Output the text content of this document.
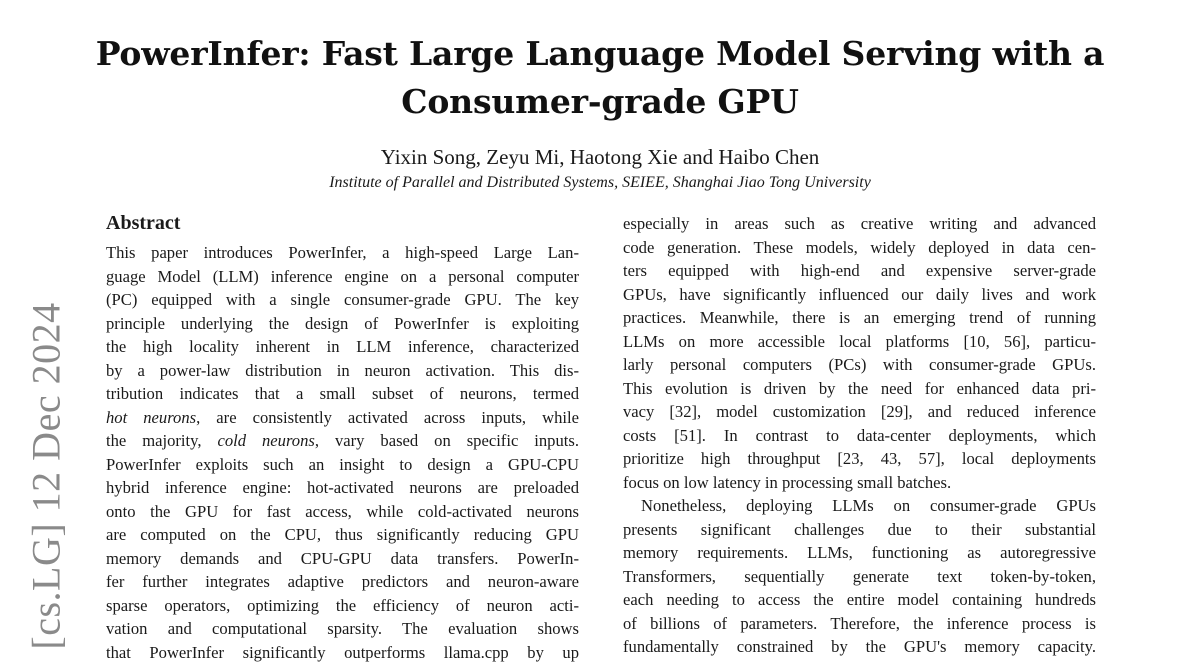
PowerInfer: Fast Large Language Model Serving with a
Consumer-grade GPU
Yixin Song, Zeyu Mi, Haotong Xie and Haibo Chen
Institute of Parallel and Distributed Systems, SEIEE, Shanghai Jiao Tong University
[cs.LG] 12 Dec 2024
Abstract
This paper introduces PowerInfer, a high-speed Large Lan-
guage Model (LLM) inference engine on a personal computer
(PC) equipped with a single consumer-grade GPU. The key
principle underlying the design of PowerInfer is exploiting
the high locality inherent in LLM inference, characterized
by a power-law distribution in neuron activation. This dis-
tribution indicates that a small subset of neurons, termed
hot neurons, are consistently activated across inputs, while
the majority, cold neurons, vary based on specific inputs.
PowerInfer exploits such an insight to design a GPU-CPU
hybrid inference engine: hot-activated neurons are preloaded
onto the GPU for fast access, while cold-activated neurons
are computed on the CPU, thus significantly reducing GPU
memory demands and CPU-GPU data transfers. PowerIn-
fer further integrates adaptive predictors and neuron-aware
sparse operators, optimizing the efficiency of neuron acti-
vation and computational sparsity. The evaluation shows
that PowerInfer significantly outperforms llama.cpp by up
especially in areas such as creative writing and advanced
code generation. These models, widely deployed in data cen-
ters equipped with high-end and expensive server-grade
GPUs, have significantly influenced our daily lives and work
practices. Meanwhile, there is an emerging trend of running
LLMs on more accessible local platforms [10, 56], particu-
larly personal computers (PCs) with consumer-grade GPUs.
This evolution is driven by the need for enhanced data pri-
vacy [32], model customization [29], and reduced inference
costs [51]. In contrast to data-center deployments, which
prioritize high throughput [23, 43, 57], local deployments
focus on low latency in processing small batches.
Nonetheless, deploying LLMs on consumer-grade GPUs
presents significant challenges due to their substantial
memory requirements. LLMs, functioning as autoregressive
Transformers, sequentially generate text token-by-token,
each needing to access the entire model containing hundreds
of billions of parameters. Therefore, the inference process is
fundamentally constrained by the GPU's memory capacity.
